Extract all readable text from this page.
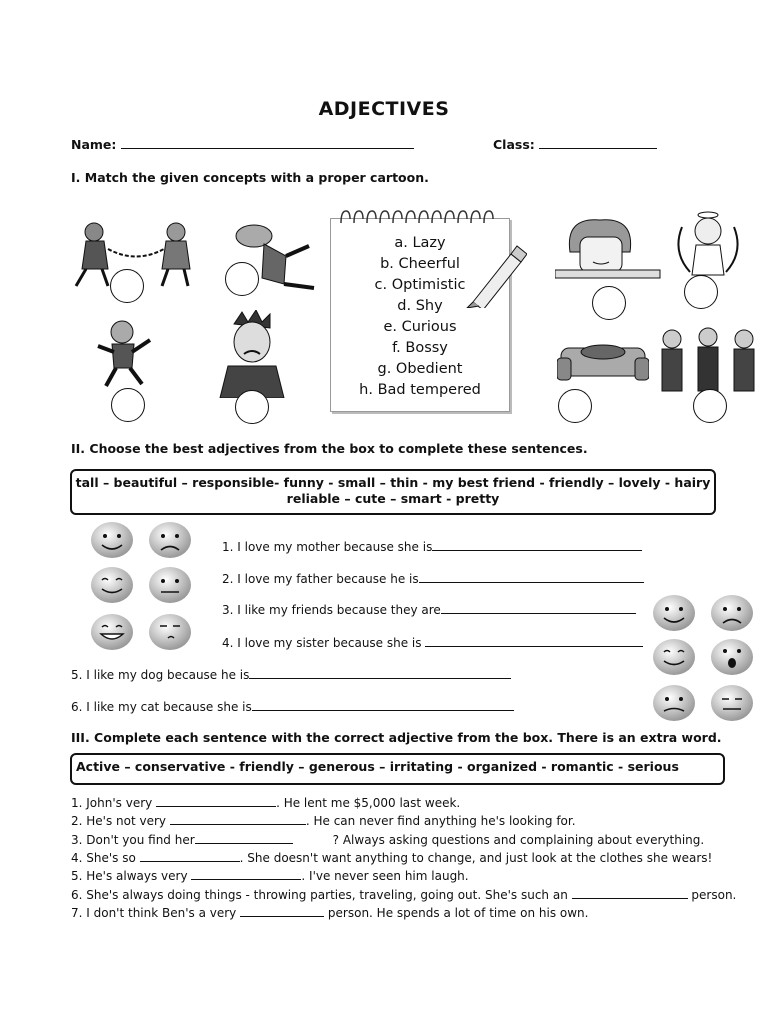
ADJECTIVES
Name:	Class:
I. Match the given concepts with a proper cartoon.
a. Lazy
b. Cheerful
c. Optimistic
d. Shy
e. Curious
f. Bossy
g. Obedient
h. Bad tempered
II. Choose the best adjectives from the box to complete these sentences.
tall – beautiful – responsible- funny - small – thin - my best friend - friendly – lovely - hairy
reliable – cute – smart - pretty
1. I love my mother because she is
2. I love my father because he is
3. I like my friends because they are
4. I love my sister because she is
5. I like my dog because he is
6. I like my cat because she is
III. Complete each sentence with the correct adjective from the box. There is an extra word.
Active – conservative - friendly – generous – irritating - organized - romantic - serious
1. John's very	. He lent me $5,000 last week.
2. He's not very	. He can never find anything he's looking for.
3. Don't you find her	? Always asking questions and complaining about everything.
4. She's so	. She doesn't want anything to change, and just look at the clothes she wears!
5. He's always very	. I've never seen him laugh.
6. She's always doing things - throwing parties, traveling, going out. She's such an	person.
7. I don't think Ben's a very	person. He spends a lot of time on his own.
